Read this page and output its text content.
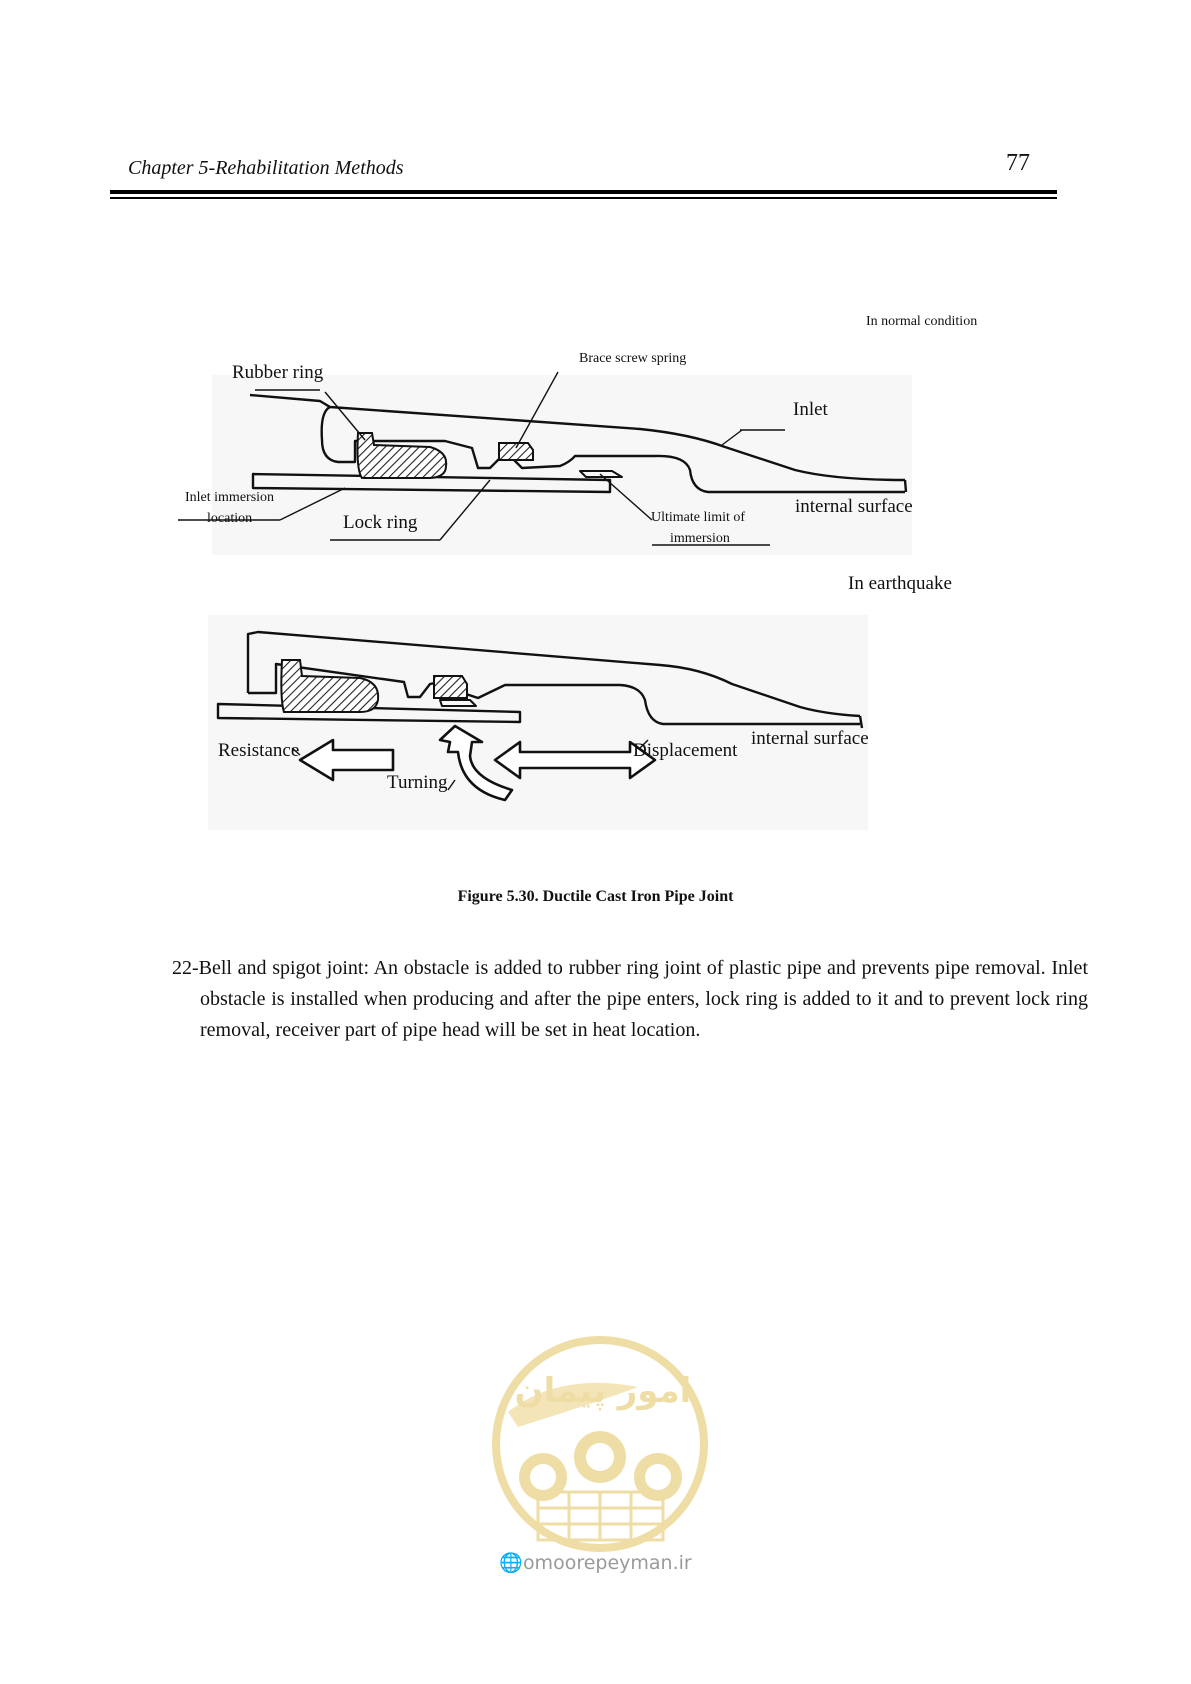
Chapter 5-Rehabilitation Methods	77
In normal condition
Rubber ring
Brace screw spring
Inlet
Inlet immersion
location	Lock ring	Ultimate limit of
immersion
internal surface
In earthquake
Resistance
Turning
Displacement
internal surface
Figure 5.30. Ductile Cast Iron Pipe Joint
22-Bell and spigot joint: An obstacle is added to rubber ring joint of plastic pipe and prevents pipe removal. Inlet obstacle is installed when producing and after the pipe enters, lock ring is added to it and to prevent lock ring removal, receiver part of pipe head will be set in heat location.
امور پیمان
🌐omoorepeyman.ir
